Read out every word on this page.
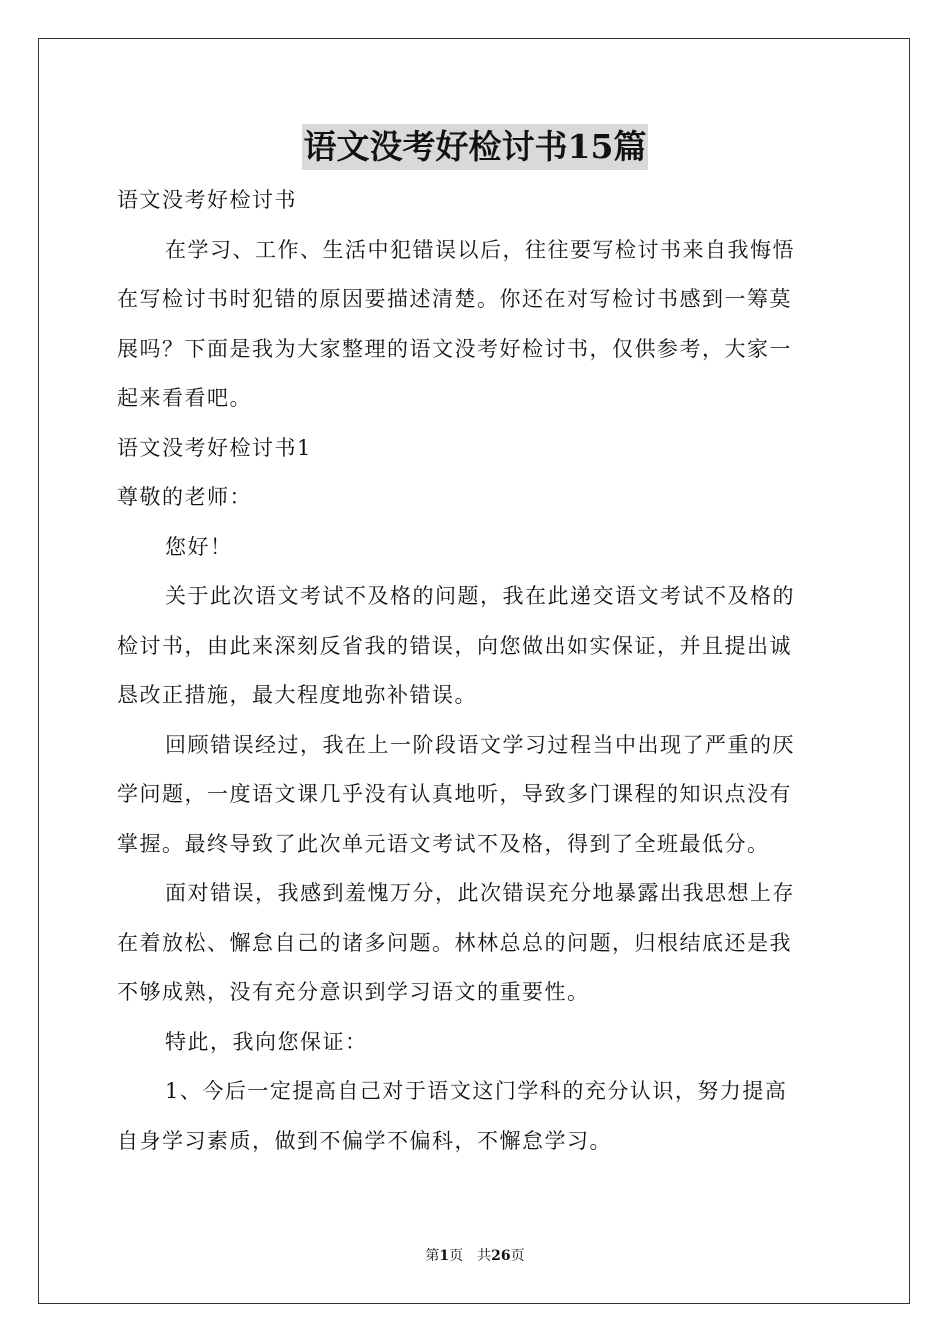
语文没考好检讨书15篇
语文没考好检讨书
在学习、工作、生活中犯错误以后，往往要写检讨书来自我悔悟
在写检讨书时犯错的原因要描述清楚。你还在对写检讨书感到一筹莫
展吗？下面是我为大家整理的语文没考好检讨书，仅供参考，大家一
起来看看吧。
语文没考好检讨书1
尊敬的老师：
您好！
关于此次语文考试不及格的问题，我在此递交语文考试不及格的
检讨书，由此来深刻反省我的错误，向您做出如实保证，并且提出诚
恳改正措施，最大程度地弥补错误。
回顾错误经过，我在上一阶段语文学习过程当中出现了严重的厌
学问题，一度语文课几乎没有认真地听，导致多门课程的知识点没有
掌握。最终导致了此次单元语文考试不及格，得到了全班最低分。
面对错误，我感到羞愧万分，此次错误充分地暴露出我思想上存
在着放松、懈怠自己的诸多问题。林林总总的问题，归根结底还是我
不够成熟，没有充分意识到学习语文的重要性。
特此，我向您保证：
1、今后一定提高自己对于语文这门学科的充分认识，努力提高
自身学习素质，做到不偏学不偏科，不懈怠学习。
第1页 共26页
